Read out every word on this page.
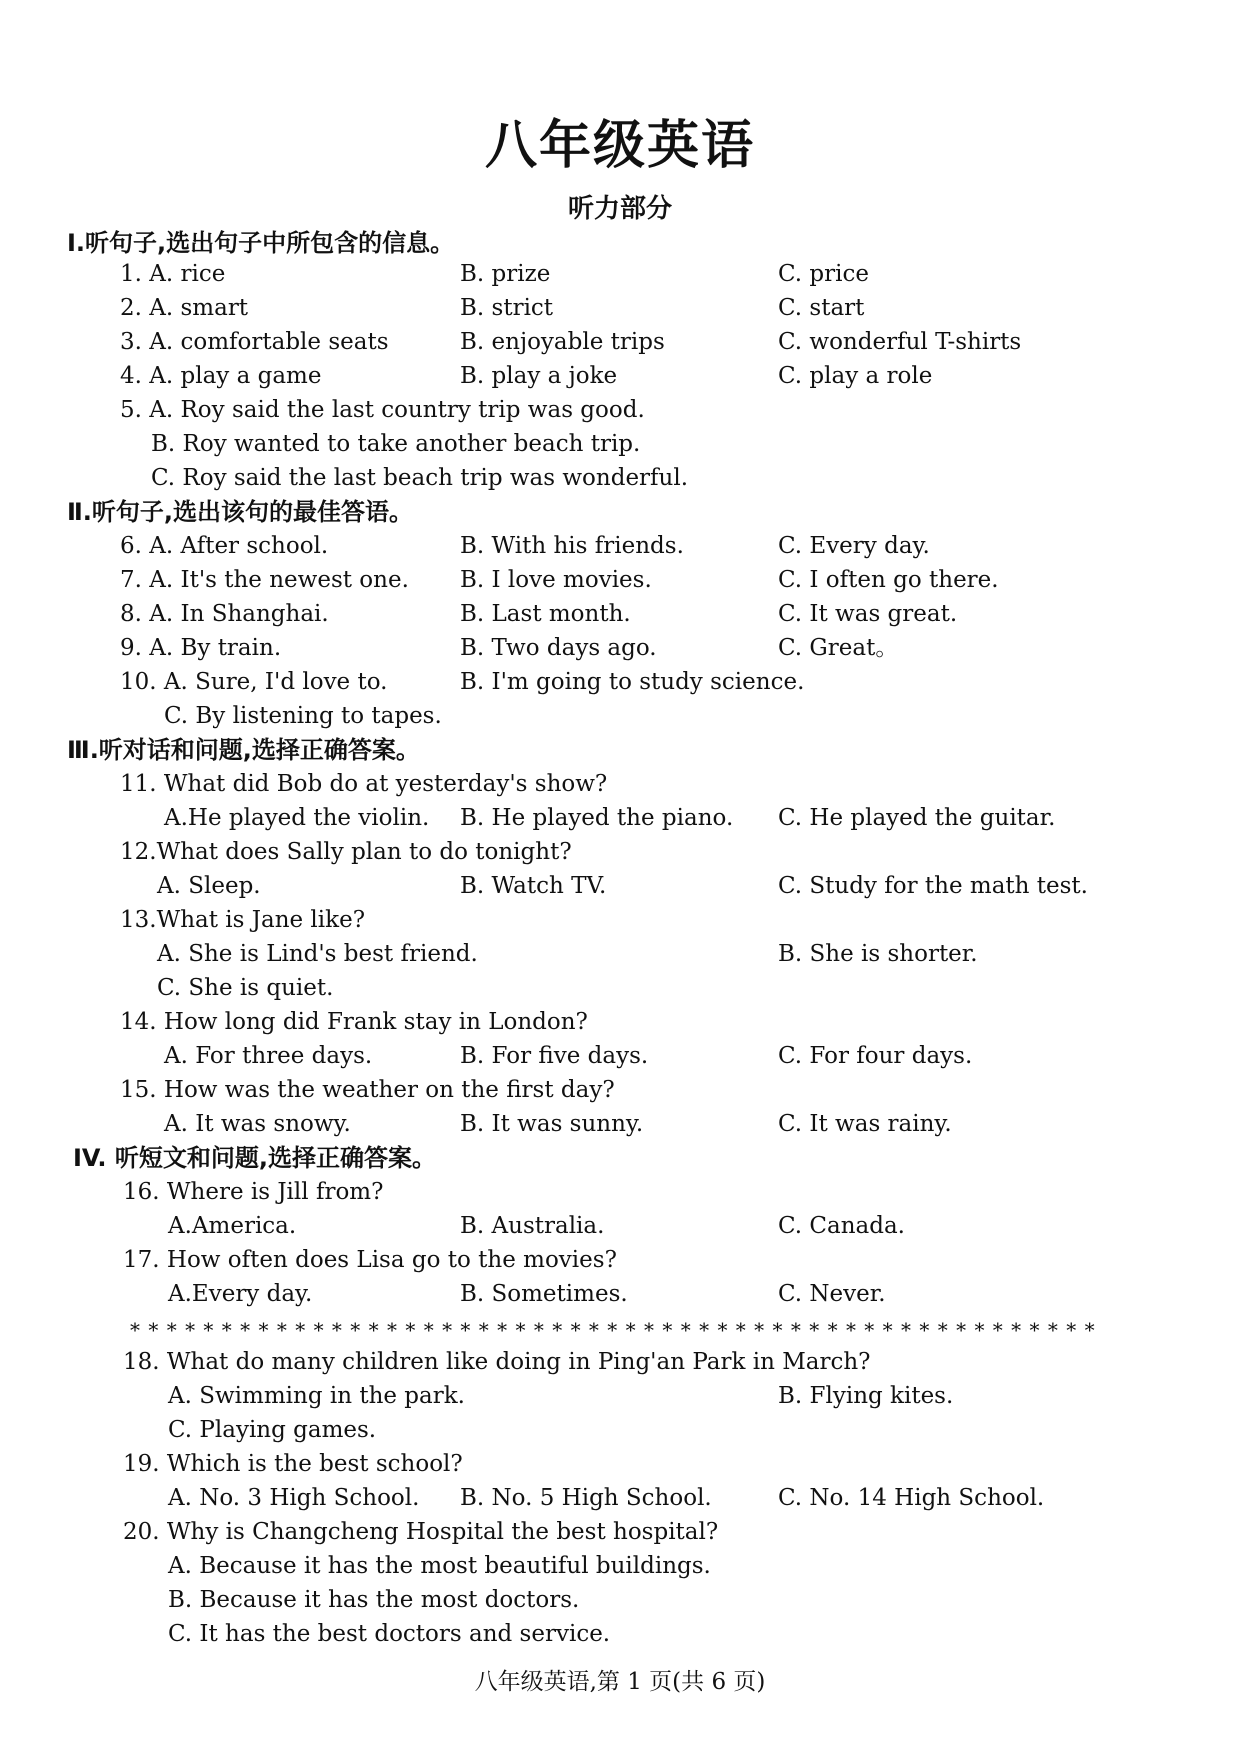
八年级英语
听力部分
Ⅰ.听句子,选出句子中所包含的信息。
1. A. rice	B. prize	C. price
2. A. smart	B. strict	C. start
3. A. comfortable seats	B. enjoyable trips	C. wonderful T-shirts
4. A. play a game	B. play a joke	C. play a role
5. A. Roy said the last country trip was good.
B. Roy wanted to take another beach trip.
C. Roy said the last beach trip was wonderful.
Ⅱ.听句子,选出该句的最佳答语。
6. A. After school.	B. With his friends.	C. Every day.
7. A. It's the newest one. B. I love movies.	C. I often go there.
8. A. In Shanghai.	B. Last month.	C. It was great.
9. A. By train.	B. Two days ago.	C. Great。
10. A. Sure, I'd love to.	B. I'm going to study science.
C. By listening to tapes.
Ⅲ.听对话和问题,选择正确答案。
11. What did Bob do at yesterday's show?
A.He played the violin. B. He played the piano. C. He played the guitar.
12.What does Sally plan to do tonight?
A. Sleep.	B. Watch TV.	C. Study for the math test.
13.What is Jane like?
A. She is Lind's best friend.	B. She is shorter.
C. She is quiet.
14. How long did Frank stay in London?
A. For three days.	B. For five days.	C. For four days.
15. How was the weather on the first day?
A. It was snowy.	B. It was sunny.	C. It was rainy.
IV. 听短文和问题,选择正确答案。
16. Where is Jill from?
A.America.	B. Australia.	C. Canada.
17. How often does Lisa go to the movies?
A.Every day.	B. Sometimes.	C. Never.
* * * * * * * * * * * * * * * * * * * * * * * * * * * * * * * * * * * * * * * * * * * * * * * * * * * * *
18. What do many children like doing in Ping'an Park in March?
A. Swimming in the park.	B. Flying kites.
C. Playing games.
19. Which is the best school?
A. No. 3 High School. B. No. 5 High School.	C. No. 14 High School.
20. Why is Changcheng Hospital the best hospital?
A. Because it has the most beautiful buildings.
B. Because it has the most doctors.
C. It has the best doctors and service.
八年级英语,第 1 页(共 6 页)
